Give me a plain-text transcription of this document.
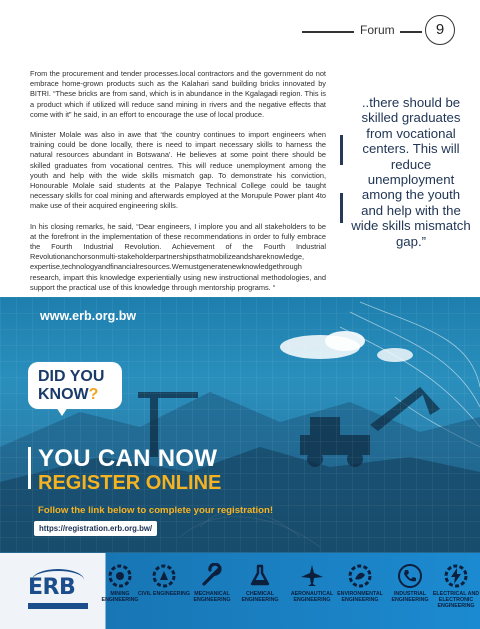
Forum	9

From the procurement and tender processes.local contractors and the government do not embrace home-grown products such as the Kalahari sand building bricks innovated by BITRI. “These bricks are from sand, which is in abundance in the Kgalagadi region. This is a product which if utilized will reduce sand mining in rivers and the negative effects that come with it” he said, in an effort to encourage the use of local produce.

Minister Molale was also in awe that ‘the country continues to import engineers when training could be done locally, there is need to impart necessary skills to harness the natural resources abundant in Botswana’. He believes at some point there should be skilled graduates from vocational centres. This will reduce unemployment among the youth and help with the wide skills mismatch gap. To demonstrate his conviction, Honourable Molale said students at the Palapye Technical College could be taught necessary skills for coal mining and afterwards employed at the Morupule Power plant 4to make use of their acquired engineering skills.

In his closing remarks, he said, “Dear engineers, I implore you and all stakeholders to be at the forefront in the implementation of these recommendations in order to fully embrace the Fourth Industrial Revolution. Achievement of the Fourth Industrial Revolutionanchorsonmulti-stakeholderpartnershipsthatmobilizeandshareknowledge, expertise,technologyandfinancialresources.Wemustgeneratenewknowledgethrough research, impart this knowledge experientially using new instructional methodologies, and support the practical use of this knowledge through mentorship programs. “

..there should be skilled graduates from vocational centers. This will reduce unemployment among the youth and help with the wide skills mismatch gap.”
www.erb.org.bw
DID YOU
KNOW?
YOU CAN NOW
REGISTER ONLINE
Follow the link below to complete your registration!
https://registration.erb.org.bw/
ERB	MINING ENGINEERING
CIVIL ENGINEERING MECHANICAL ENGINEERING
CHEMICAL ENGINEERING
AERONAUTICAL ENGINEERING
ENVIRONMENTAL ENGINEERING
INDUSTRIAL ENGINEERING
ELECTRICAL AND ELECTRONIC ENGINEERING
